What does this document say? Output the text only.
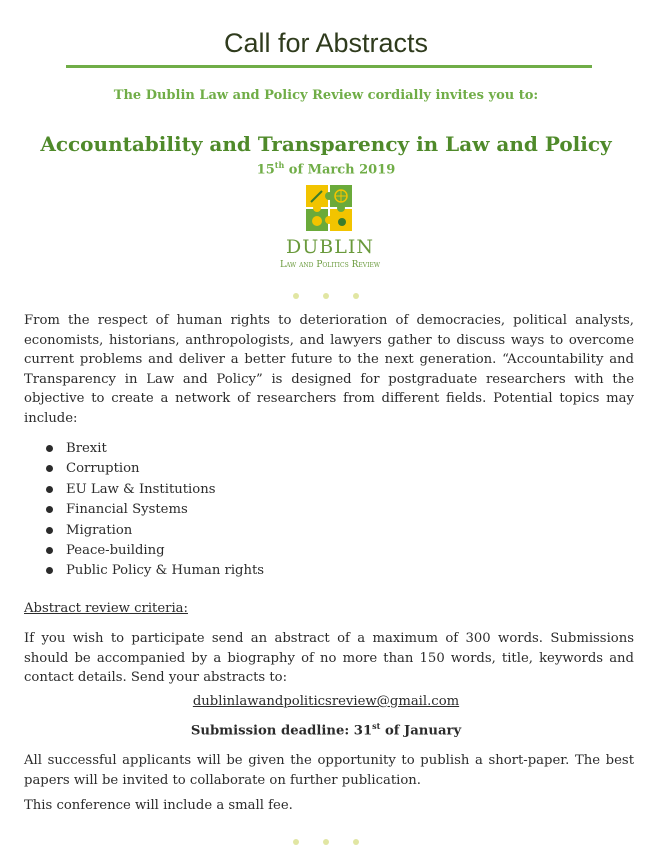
Call for Abstracts
The Dublin Law and Policy Review cordially invites you to:
Accountability and Transparency in Law and Policy
15th of March 2019
DUBLIN
Law and Politics Review

From the respect of human rights to deterioration of democracies, political analysts, economists, historians, anthropologists, and lawyers gather to discuss ways to overcome current problems and deliver a better future to the next generation. “Accountability and Transparency in Law and Policy” is designed for postgraduate researchers with the objective to create a network of researchers from different fields. Potential topics may include:

Brexit
Corruption
EU Law & Institutions
Financial Systems
Migration
Peace-building
Public Policy & Human rights
Abstract review criteria:

If you wish to participate send an abstract of a maximum of 300 words. Submissions should be accompanied by a biography of no more than 150 words, title, keywords and contact details. Send your abstracts to:

dublinlawandpoliticsreview@gmail.com
Submission deadline: 31st of January

All successful applicants will be given the opportunity to publish a short-paper. The best papers will be invited to collaborate on further publication.

This conference will include a small fee.
